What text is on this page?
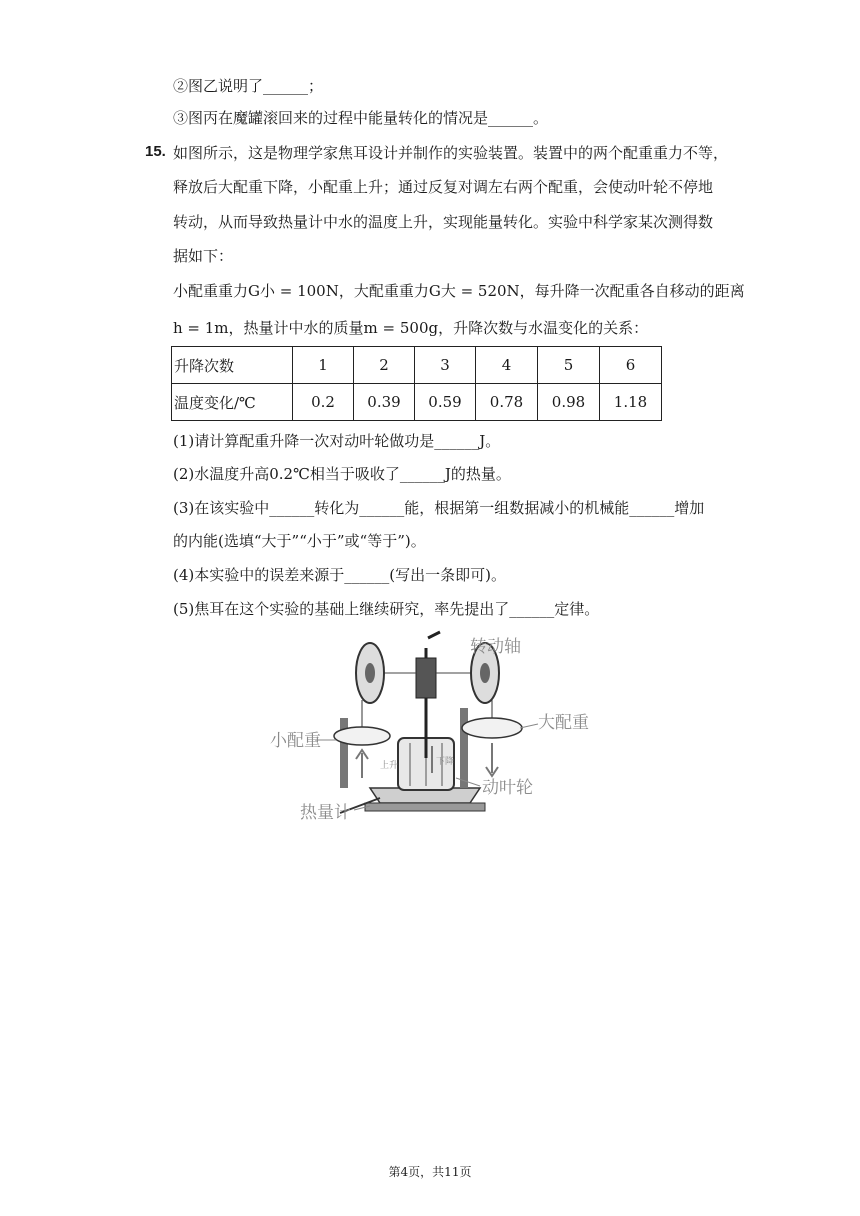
②图乙说明了______；
③图丙在魔罐滚回来的过程中能量转化的情况是______。
15. 如图所示，这是物理学家焦耳设计并制作的实验装置。装置中的两个配重重力不等，
释放后大配重下降，小配重上升；通过反复对调左右两个配重，会使动叶轮不停地
转动，从而导致热量计中水的温度上升，实现能量转化。实验中科学家某次测得数
据如下：
小配重重力G小 = 100N，大配重重力G大 = 520N，每升降一次配重各自移动的距离
h = 1m，热量计中水的质量m = 500g，升降次数与水温变化的关系：
升降次数	1	2	3	4	5	6
温度变化/℃	0.2	0.39	0.59	0.78	0.98	1.18
(1)请计算配重升降一次对动叶轮做功是______J。
(2)水温度升高0.2℃相当于吸收了______J的热量。
(3)在该实验中______转化为______能，根据第一组数据减小的机械能______增加
的内能(选填“大于”“小于”或“等于”)。
(4)本实验中的误差来源于______(写出一条即可)。
(5)焦耳在这个实验的基础上继续研究，率先提出了______定律。
转动轴
小配重
大配重
动叶轮
热量计
上升	下降
第4页，共11页
